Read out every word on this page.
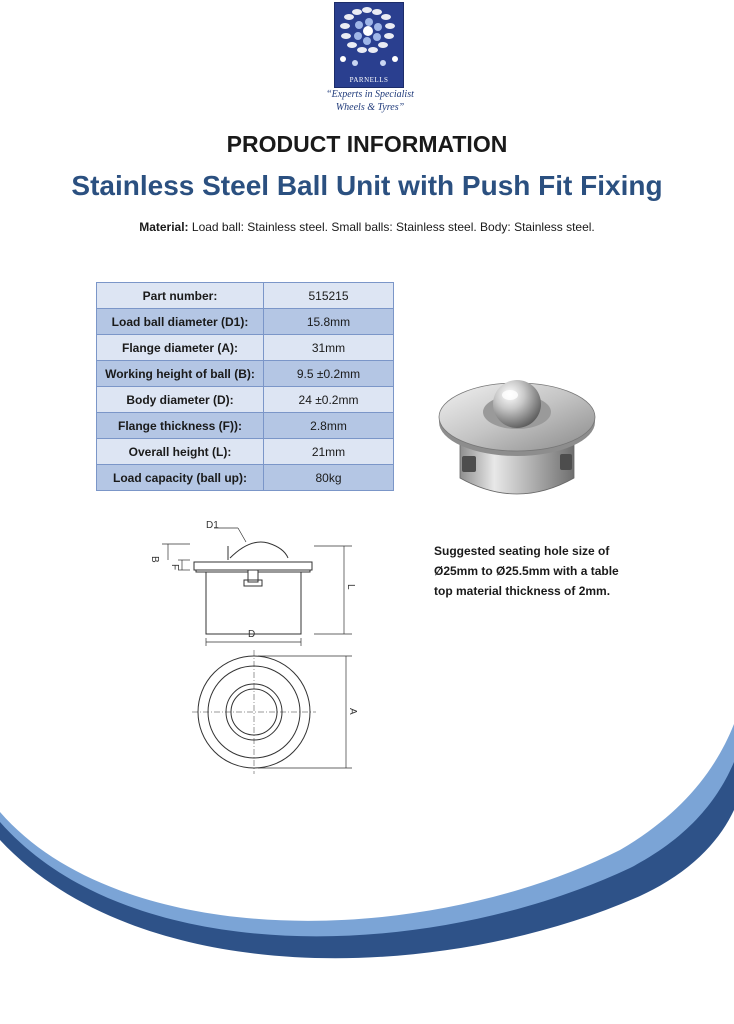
PARNELLS
“Experts in Specialist
Wheels & Tyres”
PRODUCT INFORMATION
Stainless Steel Ball Unit with Push Fit Fixing
Material: Load ball: Stainless steel. Small balls: Stainless steel. Body: Stainless steel.
Part number:	515215
Load ball diameter (D1):	15.8mm
Flange diameter (A):	31mm
Working height of ball (B):	9.5 ±0.2mm
Body diameter (D):	24 ±0.2mm
Flange thickness (F)):	2.8mm
Overall height (L):	21mm
Load capacity (ball up):	80kg
D1
B
F
L
D
A
Suggested seating hole size of
Ø25mm to Ø25.5mm with a table
top material thickness of 2mm.
